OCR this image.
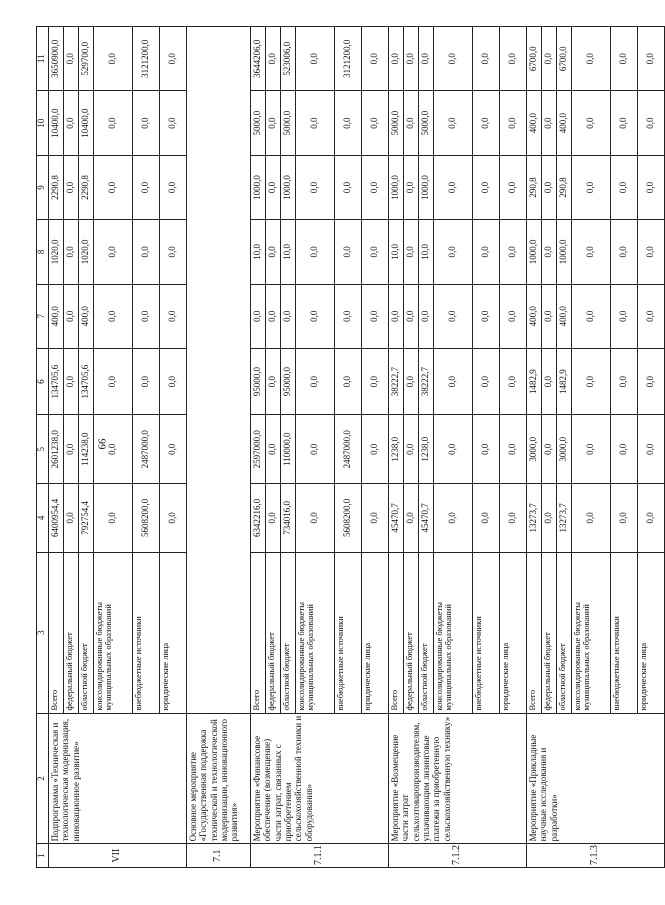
99
1	2	3	4	5	6	7	8	9	10	11
VII	Подпрограмма «Техническая и технологическая модернизация, инновационное развитие»	Всего	6400954,4	2601238,0	134705,6	400,0	1020,0	2290,8	10400,0	3650900,0
		федеральный бюджет	0,0	0,0	0,0	0,0	0,0	0,0	0,0	0,0
		областной бюджет	792754,4	114238,0	134705,6	400,0	1020,0	2290,8	10400,0	529700,0
		консолидированные бюджеты муниципальных образований	0,0	0,0	0,0	0,0	0,0	0,0	0,0	0,0
		внебюджетные источники	5608200,0	2487000,0	0,0	0,0	0,0	0,0	0,0	3121200,0
		юридические лица	0,0	0,0	0,0	0,0	0,0	0,0	0,0	0,0
7.1	Основное мероприятие «Государственная поддержка технической и технологической модернизации, инновационного развития»									
7.1.1	Мероприятие «Финансовое обеспечение (возмещение) части затрат, связанных с приобретением сельскохозяйственной техники и оборудования»	Всего	6342216,0	2597000,0	95000,0	0,0	10,0	1000,0	5000,0	3644206,0
		федеральный бюджет	0,0	0,0	0,0	0,0	0,0	0,0	0,0	0,0
		областной бюджет	734016,0	110000,0	95000,0	0,0	10,0	1000,0	5000,0	523006,0
		консолидированные бюджеты муниципальных образований	0,0	0,0	0,0	0,0	0,0	0,0	0,0	0,0
		внебюджетные источники	5608200,0	2487000,0	0,0	0,0	0,0	0,0	0,0	3121200,0
		юридические лица	0,0	0,0	0,0	0,0	0,0	0,0	0,0	0,0
7.1.2	Мероприятие «Возмещение части затрат сельхозтоваропроизводителям, уплачивающим лизинговые платежи за приобретенную сельскохозяйственную технику»	Всего	45470,7	1238,0	38222,7	0,0	10,0	1000,0	5000,0	0,0
		федеральный бюджет	0,0	0,0	0,0	0,0	0,0	0,0	0,0	0,0
		областной бюджет	45470,7	1238,0	38222,7	0,0	10,0	1000,0	5000,0	0,0
		консолидированные бюджеты муниципальных образований	0,0	0,0	0,0	0,0	0,0	0,0	0,0	0,0
		внебюджетные источники	0,0	0,0	0,0	0,0	0,0	0,0	0,0	0,0
		юридические лица	0,0	0,0	0,0	0,0	0,0	0,0	0,0	0,0
7.1.3	Мероприятие «Прикладные научные исследования и разработки»	Всего	13273,7	3000,0	1482,9	400,0	1000,0	290,8	400,0	6700,0
		федеральный бюджет	0,0	0,0	0,0	0,0	0,0	0,0	0,0	0,0
		областной бюджет	13273,7	3000,0	1482,9	400,0	1000,0	290,8	400,0	6700,0
		консолидированные бюджеты муниципальных образований	0,0	0,0	0,0	0,0	0,0	0,0	0,0	0,0
		внебюджетные источники	0,0	0,0	0,0	0,0	0,0	0,0	0,0	0,0
		юридические лица	0,0	0,0	0,0	0,0	0,0	0,0	0,0	0,0
